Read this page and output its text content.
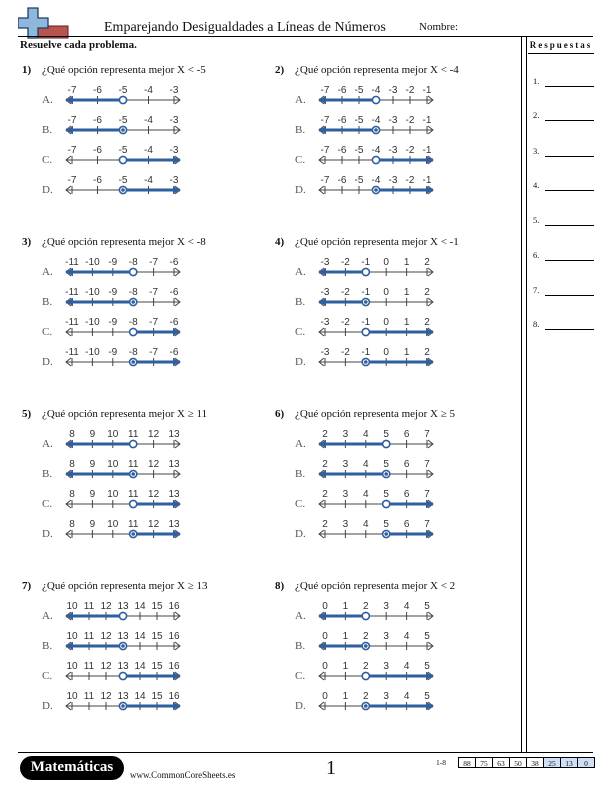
Emparejando Desigualdades a Líneas de Números	Nombre:
Resuelve cada problema.	Respuestas
1.
2.
3.
4.
5.
6.
7.
8.
1) ¿Qué opción representa mejor X < -5
A.
-7 -6 -5 -4 -3
B.
-7 -6 -5 -4 -3
C.
-7 -6 -5 -4 -3
D.
-7 -6 -5 -4 -3
2) ¿Qué opción representa mejor X < -4
A.
-7 -6 -5 -4 -3 -2 -1
B.
-7 -6 -5 -4 -3 -2 -1
C.
-7 -6 -5 -4 -3 -2 -1
D.
-7 -6 -5 -4 -3 -2 -1
3) ¿Qué opción representa mejor X < -8
A.
-11 -10 -9 -8 -7 -6
B.
-11 -10 -9 -8 -7 -6
C.
-11 -10 -9 -8 -7 -6
D.
-11 -10 -9 -8 -7 -6
4) ¿Qué opción representa mejor X < -1
A.
-3 -2 -1 0 1 2
B.
-3 -2 -1 0 1 2
C.
-3 -2 -1 0 1 2
D.
-3 -2 -1 0 1 2
5) ¿Qué opción representa mejor X ≥ 11
A.
8 9 10 11 12 13
B.
8 9 10 11 12 13
C.
8 9 10 11 12 13
D.
8 9 10 11 12 13
6) ¿Qué opción representa mejor X ≥ 5
A.
2 3 4 5 6 7
B.
2 3 4 5 6 7
C.
2 3 4 5 6 7
D.
2 3 4 5 6 7
7) ¿Qué opción representa mejor X ≥ 13
A.
10 11 12 13 14 15 16
B.
10 11 12 13 14 15 16
C.
10 11 12 13 14 15 16
D.
10 11 12 13 14 15 16
8) ¿Qué opción representa mejor X < 2
A.
0 1 2 3 4 5
B.
0 1 2 3 4 5
C.
0 1 2 3 4 5
D.
0 1 2 3 4 5
Matemáticas	www.CommonCoreSheets.es	1	1-8	88	75	63	50	38	25	13	0
